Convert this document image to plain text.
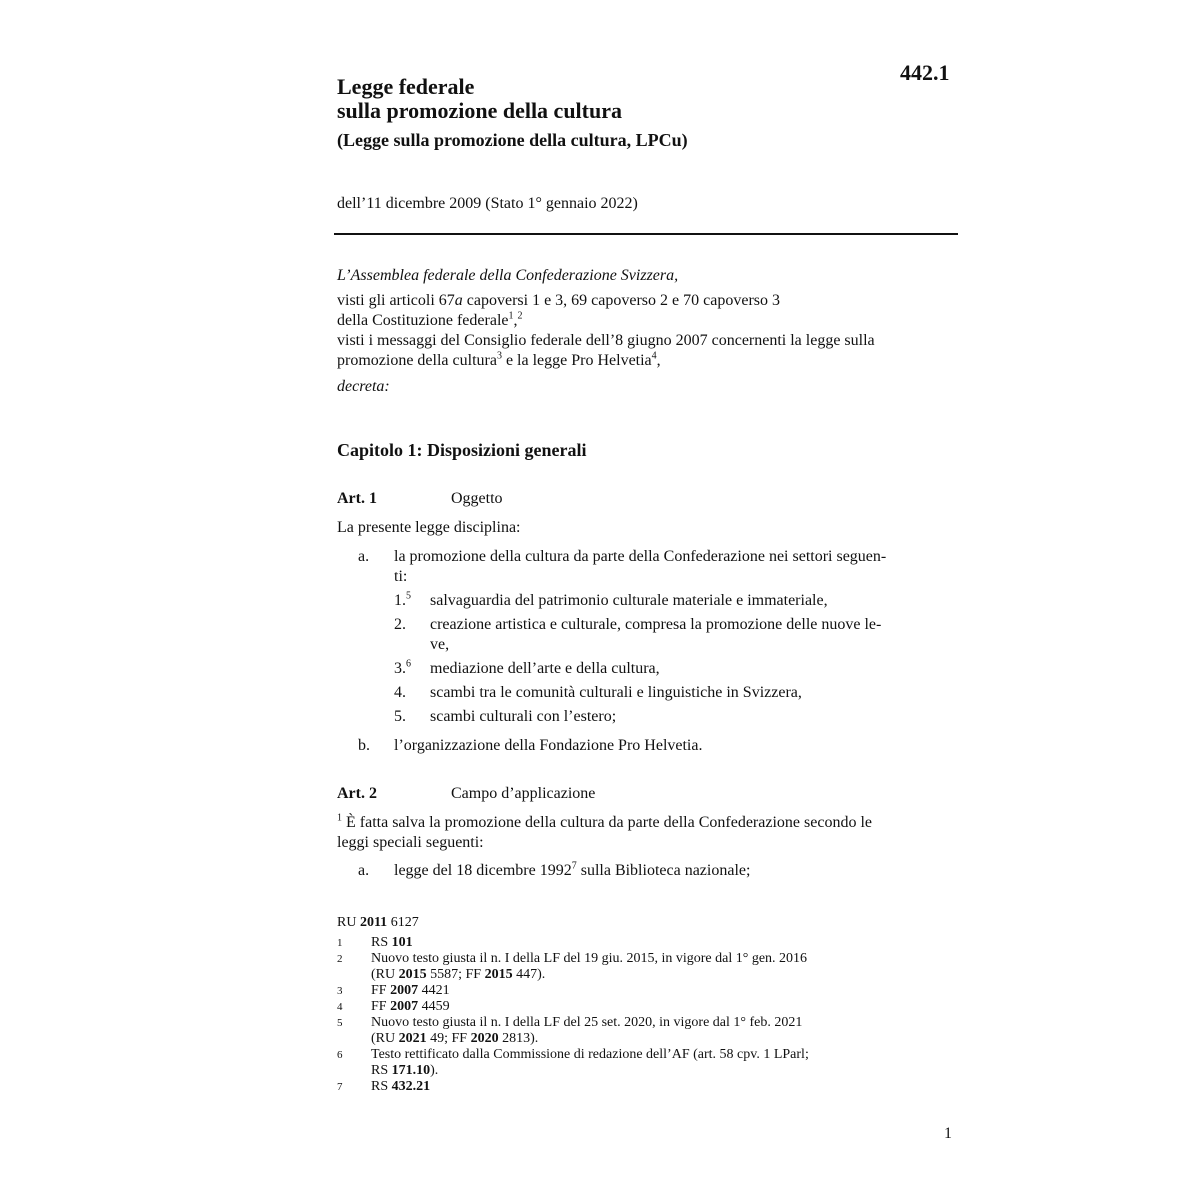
442.1
Legge federale
sulla promozione della cultura
(Legge sulla promozione della cultura, LPCu)
dell’11 dicembre 2009 (Stato 1° gennaio 2022)
L’Assemblea federale della Confederazione Svizzera,
visti gli articoli 67a capoversi 1 e 3, 69 capoverso 2 e 70 capoverso 3
della Costituzione federale$^1$,$^2$
visti i messaggi del Consiglio federale dell’8 giugno 2007 concernenti la legge sulla
promozione della cultura$^3$ e la legge Pro Helvetia$^4$,
decreta:
Capitolo 1: Disposizioni generali
Art. 1	Oggetto
La presente legge disciplina:
a. la promozione della cultura da parte della Confederazione nei settori seguen-
ti:
1.$^5$ salvaguardia del patrimonio culturale materiale e immateriale,
2. creazione artistica e culturale, compresa la promozione delle nuove le-
ve,
3.$^6$ mediazione dell’arte e della cultura,
4. scambi tra le comunità culturali e linguistiche in Svizzera,
5. scambi culturali con l’estero;
b. l’organizzazione della Fondazione Pro Helvetia.
Art. 2	Campo d’applicazione
$^1$ È fatta salva la promozione della cultura da parte della Confederazione secondo le
leggi speciali seguenti:
a. legge del 18 dicembre 1992$^7$ sulla Biblioteca nazionale;
RU 2011 6127
1 RS 101
2 Nuovo testo giusta il n. I della LF del 19 giu. 2015, in vigore dal 1° gen. 2016
(RU 2015 5587; FF 2015 447).
3 FF 2007 4421
4 FF 2007 4459
5 Nuovo testo giusta il n. I della LF del 25 set. 2020, in vigore dal 1° feb. 2021
(RU 2021 49; FF 2020 2813).
6 Testo rettificato dalla Commissione di redazione dell’AF (art. 58 cpv. 1 LParl;
RS 171.10).
7 RS 432.21
1
